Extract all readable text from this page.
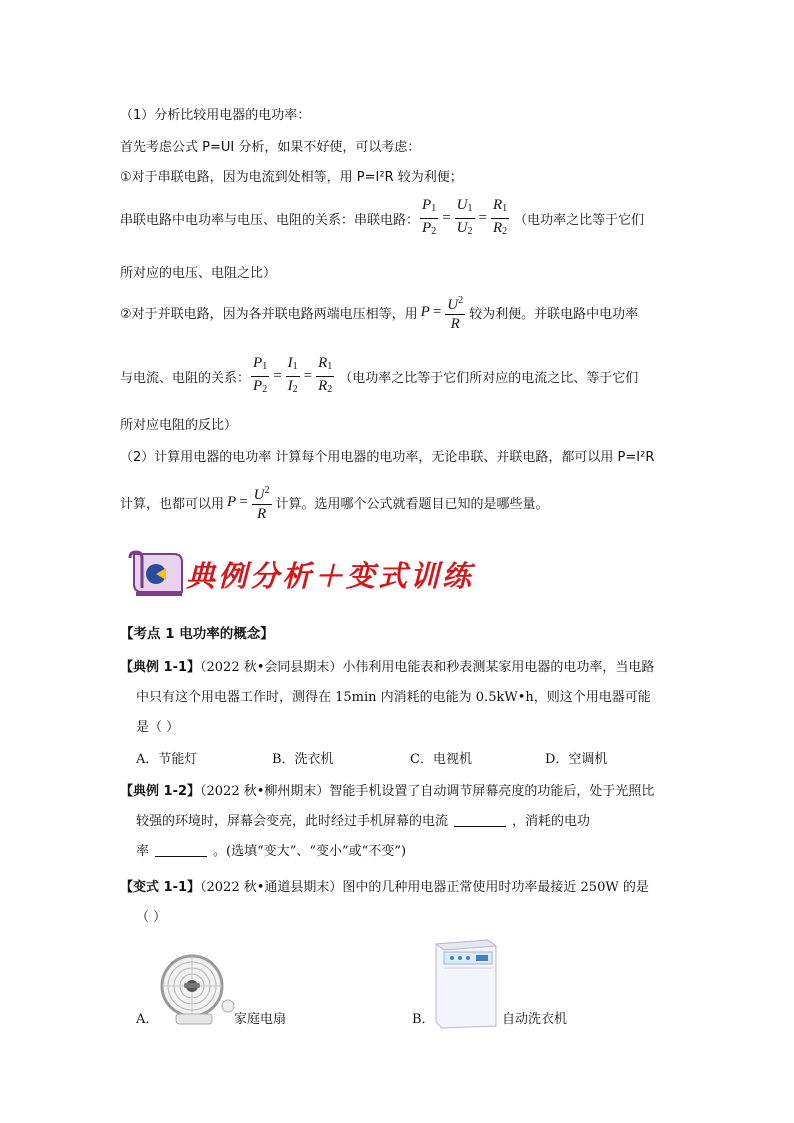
（1）分析比较用电器的电功率：
首先考虑公式 P=UI 分析，如果不好使，可以考虑：
①对于串联电路，因为电流到处相等，用 P=I²R 较为利便；
串联电路中电功率与电压、电阻的关系：串联电路： $\frac{P_1}{P_2} = \frac{U_1}{U_2} = \frac{R_1}{R_2}$ （电功率之比等于它们
所对应的电压、电阻之比）
②对于并联电路，因为各并联电路两端电压相等，用 $P = \frac{U^2}{R}$ 较为利便。并联电路中电功率
与电流、电阻的关系： $\frac{P_1}{P_2} = \frac{I_1}{I_2} = \frac{R_1}{R_2}$ （电功率之比等于它们所对应的电流之比、等于它们
所对应电阻的反比）
（2）计算用电器的电功率 计算每个用电器的电功率，无论串联、并联电路，都可以用 P=I²R
计算，也都可以用 $P = \frac{U^2}{R}$ 计算。选用哪个公式就看题目已知的是哪些量。
典例分析＋变式训练
【考点 1 电功率的概念】
【典例 1-1】（2022 秋•会同县期末）小伟利用电能表和秒表测某家用电器的电功率，当电路
中只有这个用电器工作时，测得在 15min 内消耗的电能为 0.5kW•h，则这个用电器可能
是（ ）
A．节能灯	B．洗衣机	C．电视机	D．空调机
【典例 1-2】（2022 秋•柳州期末）智能手机设置了自动调节屏幕亮度的功能后，处于光照比
较强的环境时，屏幕会变亮，此时经过手机屏幕的电流	，消耗的电功
率	。(选填“变大”、“变小”或“不变”)
【变式 1-1】（2022 秋•通道县期末）图中的几种用电器正常使用时功率最接近 250W 的是
（ ）
A．	家庭电扇	B．	自动洗衣机
